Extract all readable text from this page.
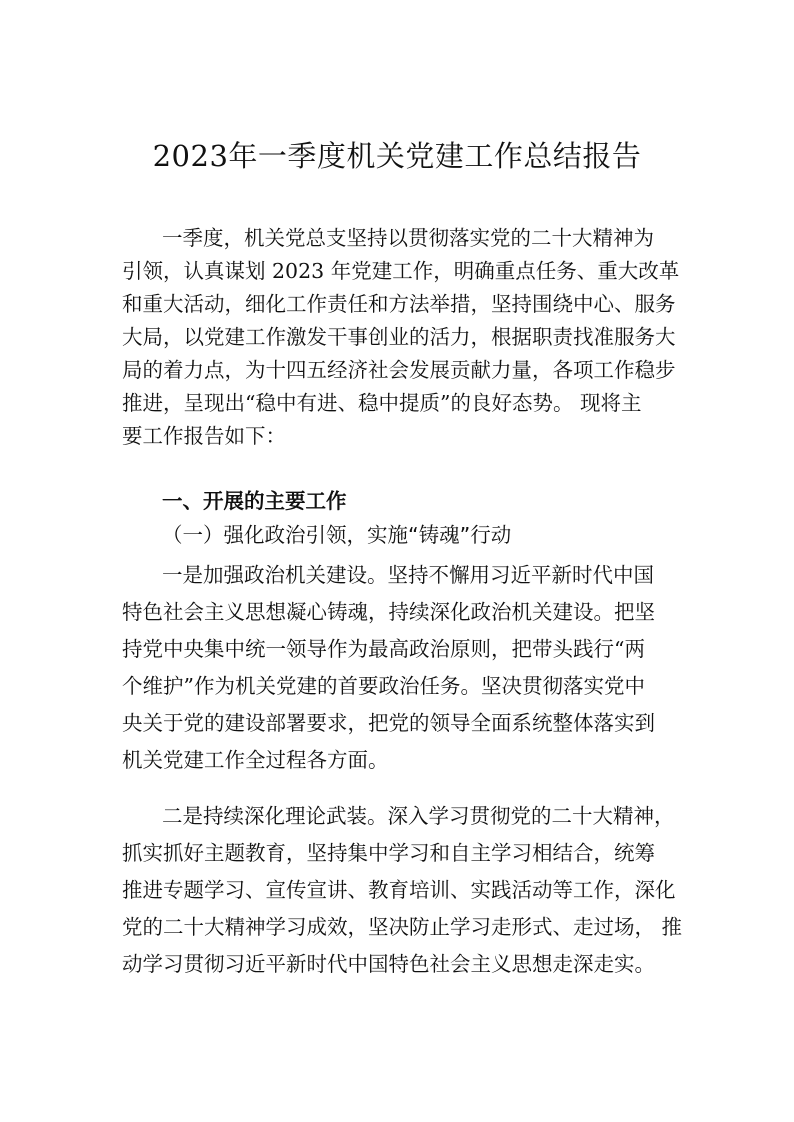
2023年一季度机关党建工作总结报告
一季度，机关党总支坚持以贯彻落实党的二十大精神为
引领，认真谋划 2023 年党建工作，明确重点任务、重大改革
和重大活动，细化工作责任和方法举措，坚持围绕中心、服务
大局，以党建工作激发干事创业的活力，根据职责找准服务大
局的着力点，为十四五经济社会发展贡献力量，各项工作稳步
推进，呈现出“稳中有进、稳中提质”的良好态势。 现将主
要工作报告如下：
一、开展的主要工作
（一）强化政治引领，实施“铸魂”行动
一是加强政治机关建设。坚持不懈用习近平新时代中国
特色社会主义思想凝心铸魂，持续深化政治机关建设。把坚
持党中央集中统一领导作为最高政治原则，把带头践行“两
个维护”作为机关党建的首要政治任务。坚决贯彻落实党中
央关于党的建设部署要求，把党的领导全面系统整体落实到
机关党建工作全过程各方面。
二是持续深化理论武装。深入学习贯彻党的二十大精神，
抓实抓好主题教育，坚持集中学习和自主学习相结合，统筹
推进专题学习、宣传宣讲、教育培训、实践活动等工作，深化
党的二十大精神学习成效，坚决防止学习走形式、走过场， 推
动学习贯彻习近平新时代中国特色社会主义思想走深走实。
